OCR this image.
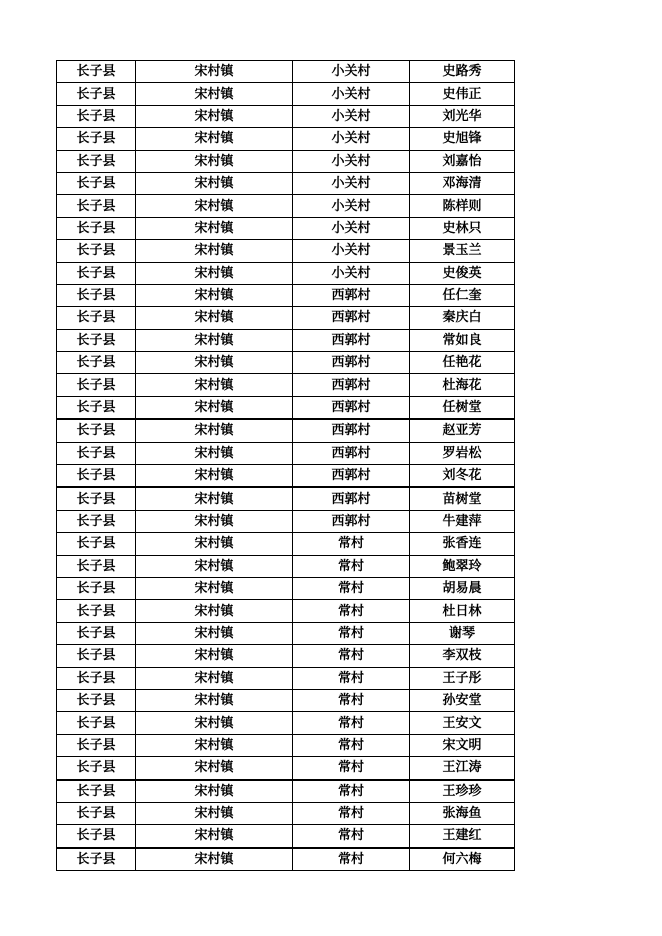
长子县	宋村镇	小关村	史路秀
长子县	宋村镇	小关村	史伟正
长子县	宋村镇	小关村	刘光华
长子县	宋村镇	小关村	史旭锋
长子县	宋村镇	小关村	刘嘉怡
长子县	宋村镇	小关村	邓海清
长子县	宋村镇	小关村	陈样则
长子县	宋村镇	小关村	史林只
长子县	宋村镇	小关村	景玉兰
长子县	宋村镇	小关村	史俊英
长子县	宋村镇	西郭村	任仁奎
长子县	宋村镇	西郭村	秦庆白
长子县	宋村镇	西郭村	常如良
长子县	宋村镇	西郭村	任艳花
长子县	宋村镇	西郭村	杜海花
长子县	宋村镇	西郭村	任树堂
长子县	宋村镇	西郭村	赵亚芳
长子县	宋村镇	西郭村	罗岩松
长子县	宋村镇	西郭村	刘冬花
长子县	宋村镇	西郭村	苗树堂
长子县	宋村镇	西郭村	牛建萍
长子县	宋村镇	常村	张香连
长子县	宋村镇	常村	鲍翠玲
长子县	宋村镇	常村	胡易晨
长子县	宋村镇	常村	杜日林
长子县	宋村镇	常村	谢琴
长子县	宋村镇	常村	李双枝
长子县	宋村镇	常村	王子彤
长子县	宋村镇	常村	孙安堂
长子县	宋村镇	常村	王安文
长子县	宋村镇	常村	宋文明
长子县	宋村镇	常村	王江涛
长子县	宋村镇	常村	王珍珍
长子县	宋村镇	常村	张海鱼
长子县	宋村镇	常村	王建红
长子县	宋村镇	常村	何六梅
